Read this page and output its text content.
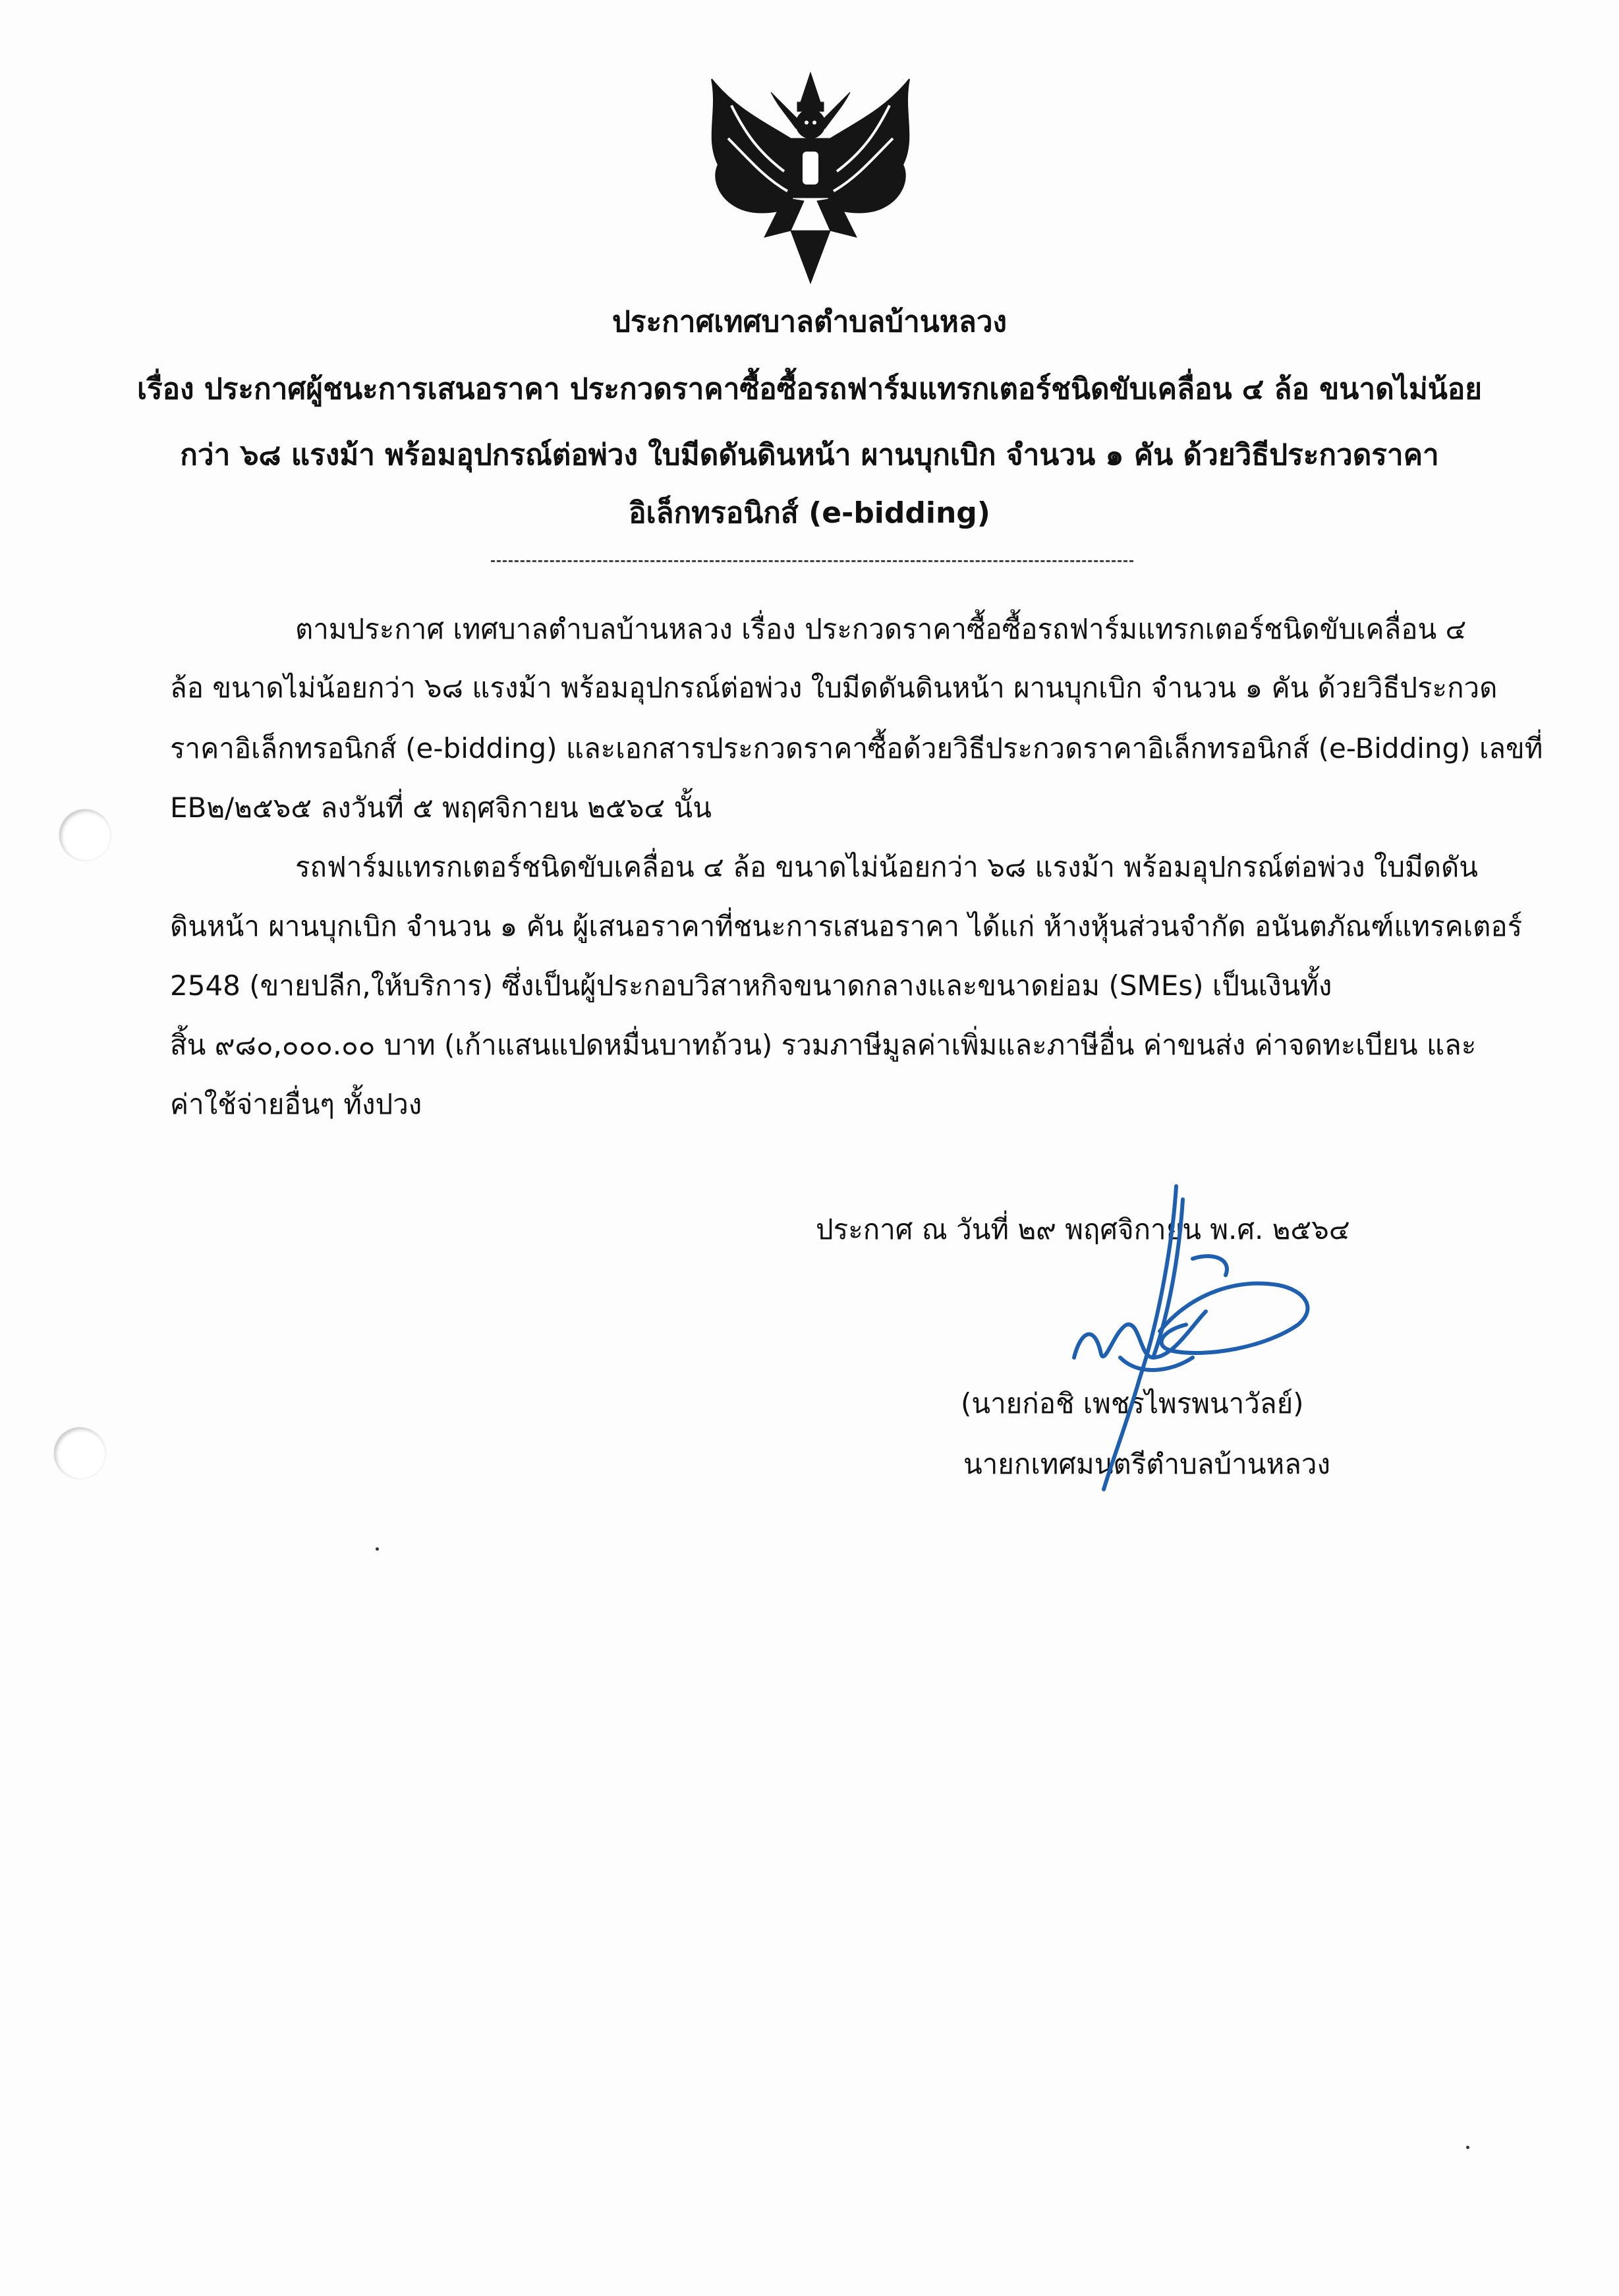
ประกาศเทศบาลตำบลบ้านหลวง
เรื่อง ประกาศผู้ชนะการเสนอราคา ประกวดราคาซื้อซื้อรถฟาร์มแทรกเตอร์ชนิดขับเคลื่อน ๔ ล้อ ขนาดไม่น้อย
กว่า ๖๘ แรงม้า พร้อมอุปกรณ์ต่อพ่วง ใบมีดดันดินหน้า ผานบุกเบิก จำนวน ๑ คัน ด้วยวิธีประกวดราคา
อิเล็กทรอนิกส์ (e-bidding)
ตามประกาศ เทศบาลตำบลบ้านหลวง เรื่อง ประกวดราคาซื้อซื้อรถฟาร์มแทรกเตอร์ชนิดขับเคลื่อน ๔
ล้อ ขนาดไม่น้อยกว่า ๖๘ แรงม้า พร้อมอุปกรณ์ต่อพ่วง ใบมีดดันดินหน้า ผานบุกเบิก จำนวน ๑ คัน ด้วยวิธีประกวด
ราคาอิเล็กทรอนิกส์ (e-bidding) และเอกสารประกวดราคาซื้อด้วยวิธีประกวดราคาอิเล็กทรอนิกส์ (e-Bidding) เลขที่
EB๒/๒๕๖๕ ลงวันที่ ๕ พฤศจิกายน ๒๕๖๔ นั้น
รถฟาร์มแทรกเตอร์ชนิดขับเคลื่อน ๔ ล้อ ขนาดไม่น้อยกว่า ๖๘ แรงม้า พร้อมอุปกรณ์ต่อพ่วง ใบมีดดัน
ดินหน้า ผานบุกเบิก จำนวน ๑ คัน ผู้เสนอราคาที่ชนะการเสนอราคา ได้แก่ ห้างหุ้นส่วนจำกัด อนันตภัณฑ์แทรคเตอร์
2548 (ขายปลีก,ให้บริการ) ซึ่งเป็นผู้ประกอบวิสาหกิจขนาดกลางและขนาดย่อม (SMEs) เป็นเงินทั้ง
สิ้น ๙๘๐,๐๐๐.๐๐ บาท (เก้าแสนแปดหมื่นบาทถ้วน) รวมภาษีมูลค่าเพิ่มและภาษีอื่น ค่าขนส่ง ค่าจดทะเบียน และ
ค่าใช้จ่ายอื่นๆ ทั้งปวง
ประกาศ ณ วันที่ ๒๙ พฤศจิกายน พ.ศ. ๒๕๖๔
(นายก่อชิ เพชรไพรพนาวัลย์)
นายกเทศมนตรีตำบลบ้านหลวง
